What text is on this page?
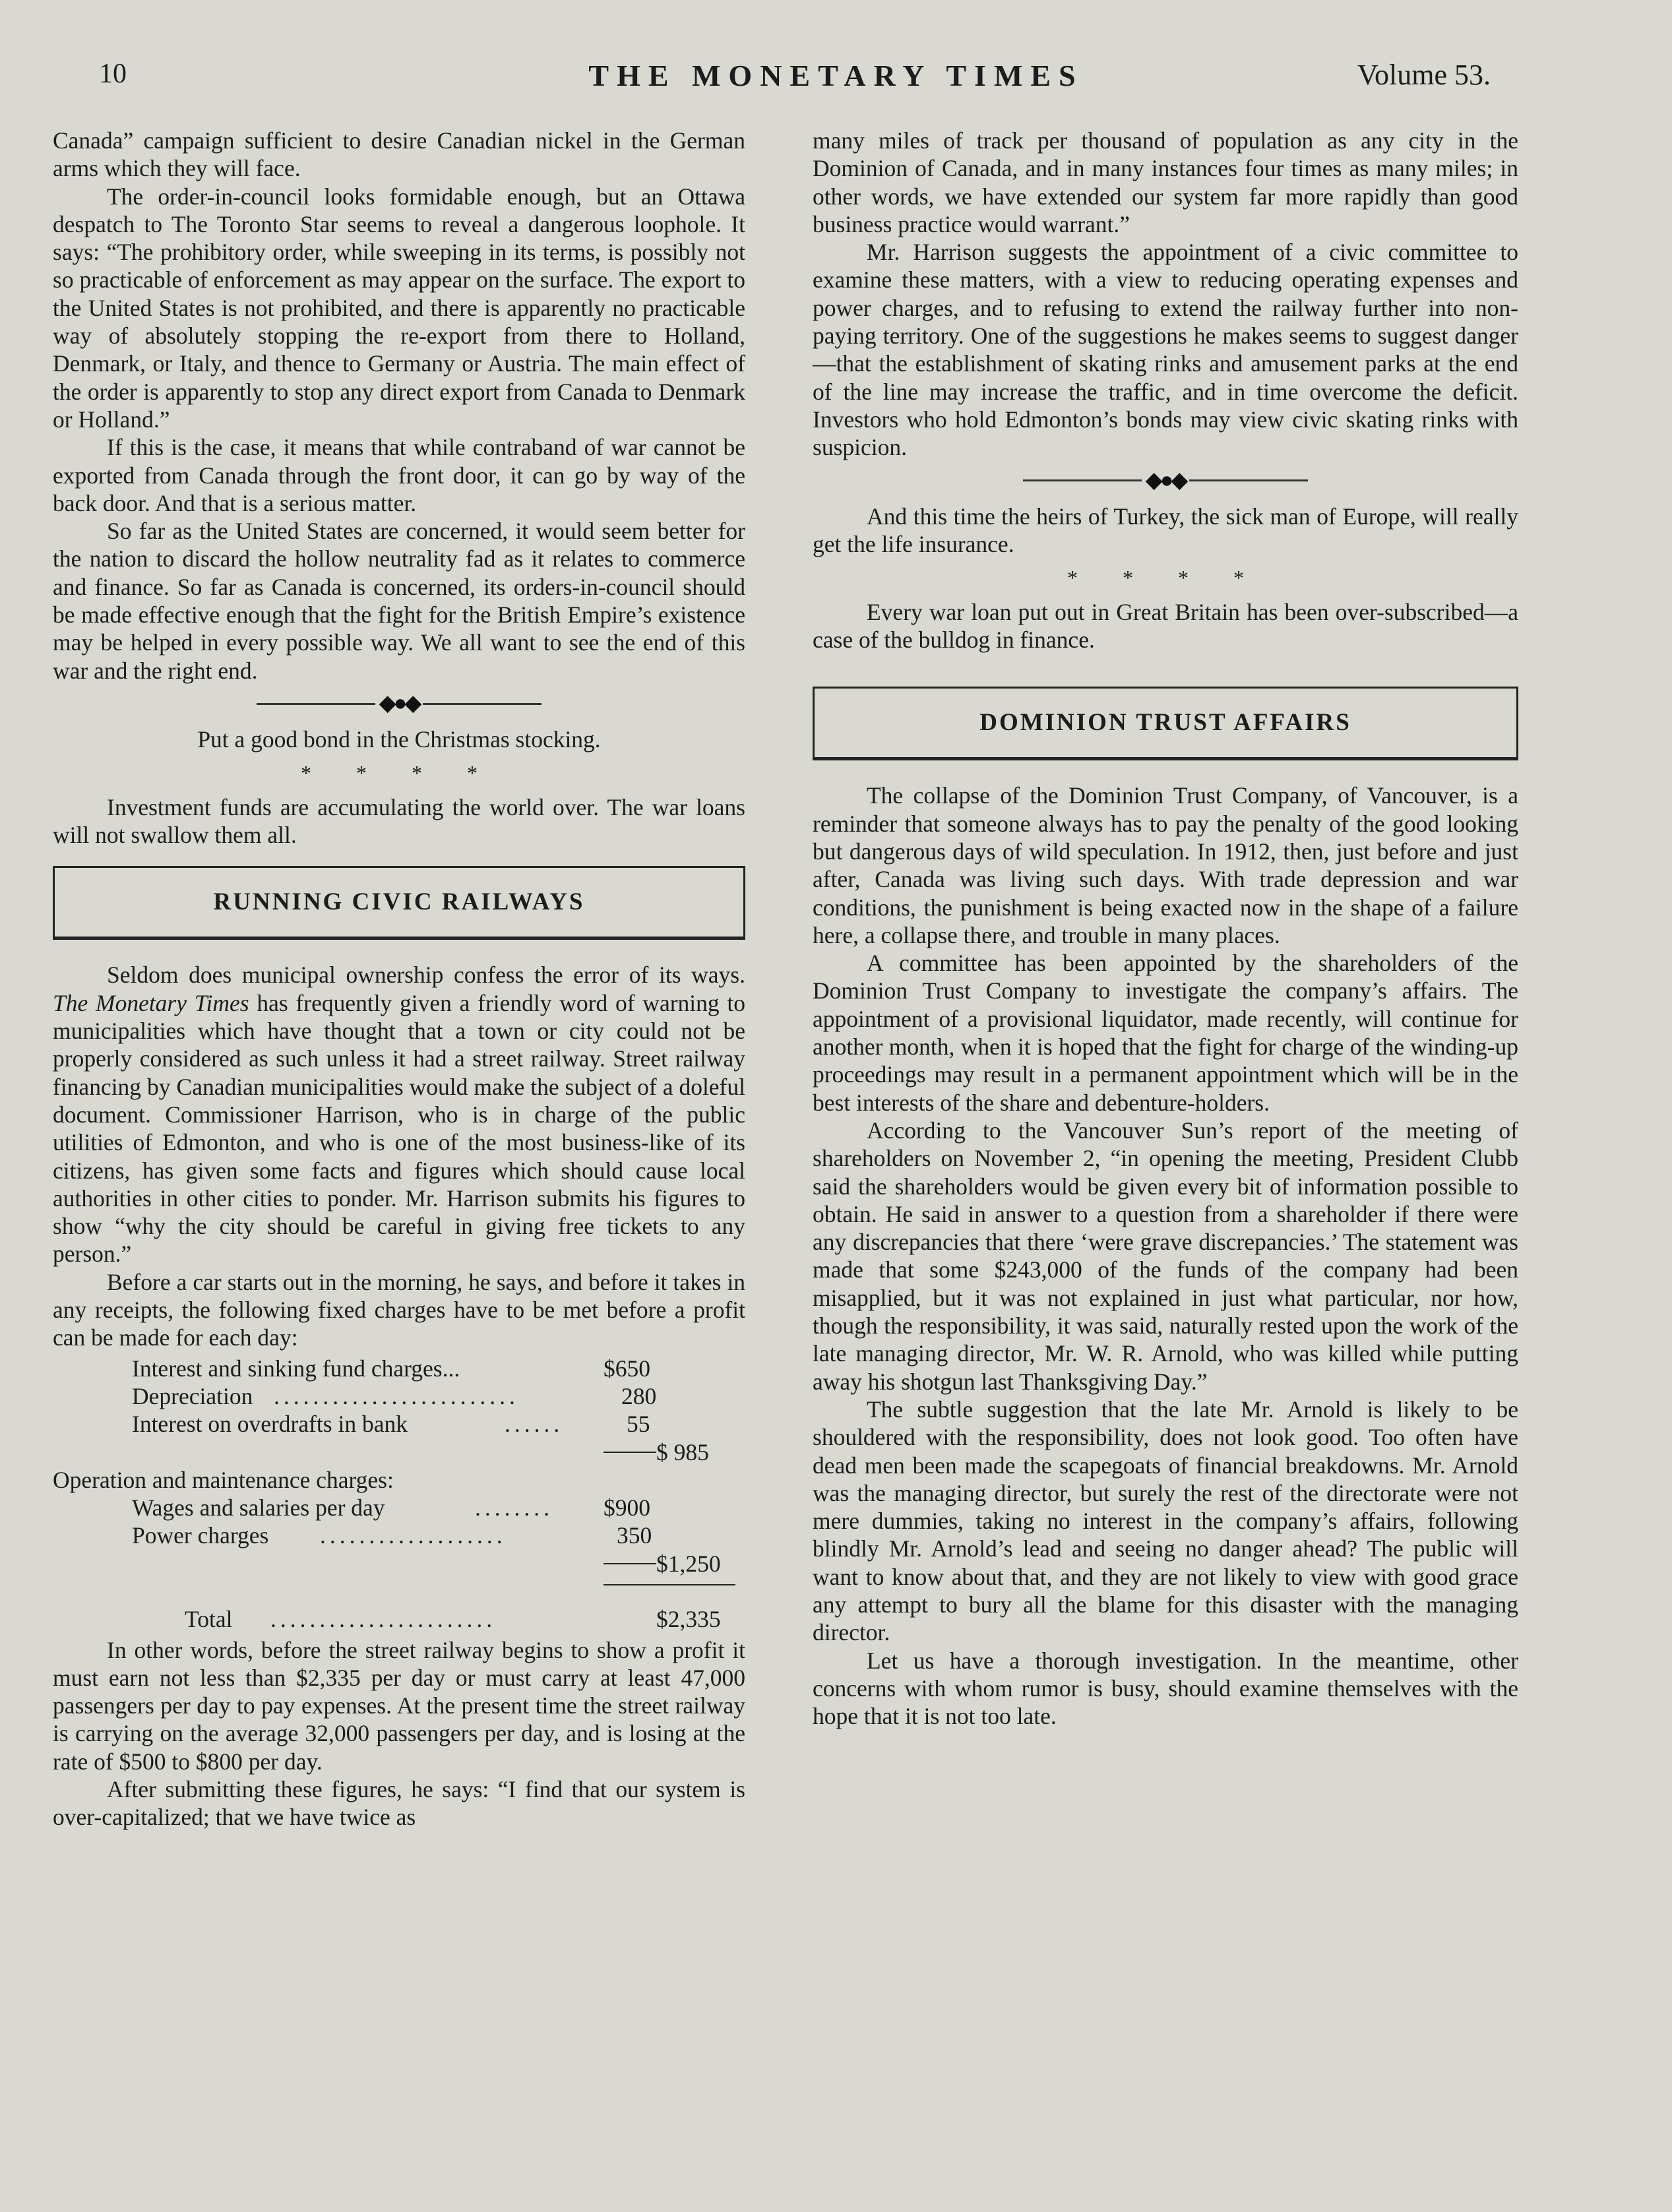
10	THE MONETARY TIMES	Volume 53.

Canada” campaign sufficient to desire Canadian nickel in the German arms which they will face.

The order-in-council looks formidable enough, but an Ottawa despatch to The Toronto Star seems to reveal a dangerous loophole. It says: “The prohibitory order, while sweeping in its terms, is possibly not so practicable of enforcement as may appear on the surface. The export to the United States is not prohibited, and there is apparently no practicable way of absolutely stopping the re-export from there to Holland, Denmark, or Italy, and thence to Germany or Austria. The main effect of the order is apparently to stop any direct export from Canada to Denmark or Holland.”

If this is the case, it means that while contraband of war cannot be exported from Canada through the front door, it can go by way of the back door. And that is a serious matter.

So far as the United States are concerned, it would seem better for the nation to discard the hollow neutrality fad as it relates to commerce and finance. So far as Canada is concerned, its orders-in-council should be made effective enough that the fight for the British Empire’s existence may be helped in every possible way. We all want to see the end of this war and the right end.

◆●◆

Put a good bond in the Christmas stocking.

* * * *

Investment funds are accumulating the world over. The war loans will not swallow them all.

RUNNING CIVIC RAILWAYS

Seldom does municipal ownership confess the error of its ways. The Monetary Times has frequently given a friendly word of warning to municipalities which have thought that a town or city could not be properly considered as such unless it had a street railway. Street railway financing by Canadian municipalities would make the subject of a doleful document. Commissioner Harrison, who is in charge of the public utilities of Edmonton, and who is one of the most business-like of its citizens, has given some facts and figures which should cause local authorities in other cities to ponder. Mr. Harrison submits his figures to show “why the city should be careful in giving free tickets to any person.”

Before a car starts out in the morning, he says, and before it takes in any receipts, the following fixed charges have to be met before a profit can be made for each day:

Interest and sinking fund charges...	$650
Depreciation .........................	280
Interest on overdrafts in bank	......	55
$ 985
Operation and maintenance charges:
Wages and salaries per day	........	$900
Power charges ...................	350
$1,250
Total .......................	$2,335

In other words, before the street railway begins to show a profit it must earn not less than $2,335 per day or must carry at least 47,000 passengers per day to pay expenses. At the present time the street railway is carrying on the average 32,000 passengers per day, and is losing at the rate of $500 to $800 per day.

After submitting these figures, he says: “I find that our system is over-capitalized; that we have twice as

many miles of track per thousand of population as any city in the Dominion of Canada, and in many instances four times as many miles; in other words, we have extended our system far more rapidly than good business practice would warrant.”

Mr. Harrison suggests the appointment of a civic committee to examine these matters, with a view to reducing operating expenses and power charges, and to refusing to extend the railway further into non-paying territory. One of the suggestions he makes seems to suggest danger—that the establishment of skating rinks and amusement parks at the end of the line may increase the traffic, and in time overcome the deficit. Investors who hold Edmonton’s bonds may view civic skating rinks with suspicion.

◆●◆

And this time the heirs of Turkey, the sick man of Europe, will really get the life insurance.

* * * *

Every war loan put out in Great Britain has been over-subscribed—a case of the bulldog in finance.

DOMINION TRUST AFFAIRS

The collapse of the Dominion Trust Company, of Vancouver, is a reminder that someone always has to pay the penalty of the good looking but dangerous days of wild speculation. In 1912, then, just before and just after, Canada was living such days. With trade depression and war conditions, the punishment is being exacted now in the shape of a failure here, a collapse there, and trouble in many places.

A committee has been appointed by the shareholders of the Dominion Trust Company to investigate the company’s affairs. The appointment of a provisional liquidator, made recently, will continue for another month, when it is hoped that the fight for charge of the winding-up proceedings may result in a permanent appointment which will be in the best interests of the share and debenture-holders.

According to the Vancouver Sun’s report of the meeting of shareholders on November 2, “in opening the meeting, President Clubb said the shareholders would be given every bit of information possible to obtain. He said in answer to a question from a shareholder if there were any discrepancies that there ‘were grave discrepancies.’ The statement was made that some $243,000 of the funds of the company had been misapplied, but it was not explained in just what particular, nor how, though the responsibility, it was said, naturally rested upon the work of the late managing director, Mr. W. R. Arnold, who was killed while putting away his shotgun last Thanksgiving Day.”

The subtle suggestion that the late Mr. Arnold is likely to be shouldered with the responsibility, does not look good. Too often have dead men been made the scapegoats of financial breakdowns. Mr. Arnold was the managing director, but surely the rest of the directorate were not mere dummies, taking no interest in the company’s affairs, following blindly Mr. Arnold’s lead and seeing no danger ahead? The public will want to know about that, and they are not likely to view with good grace any attempt to bury all the blame for this disaster with the managing director.

Let us have a thorough investigation. In the meantime, other concerns with whom rumor is busy, should examine themselves with the hope that it is not too late.
